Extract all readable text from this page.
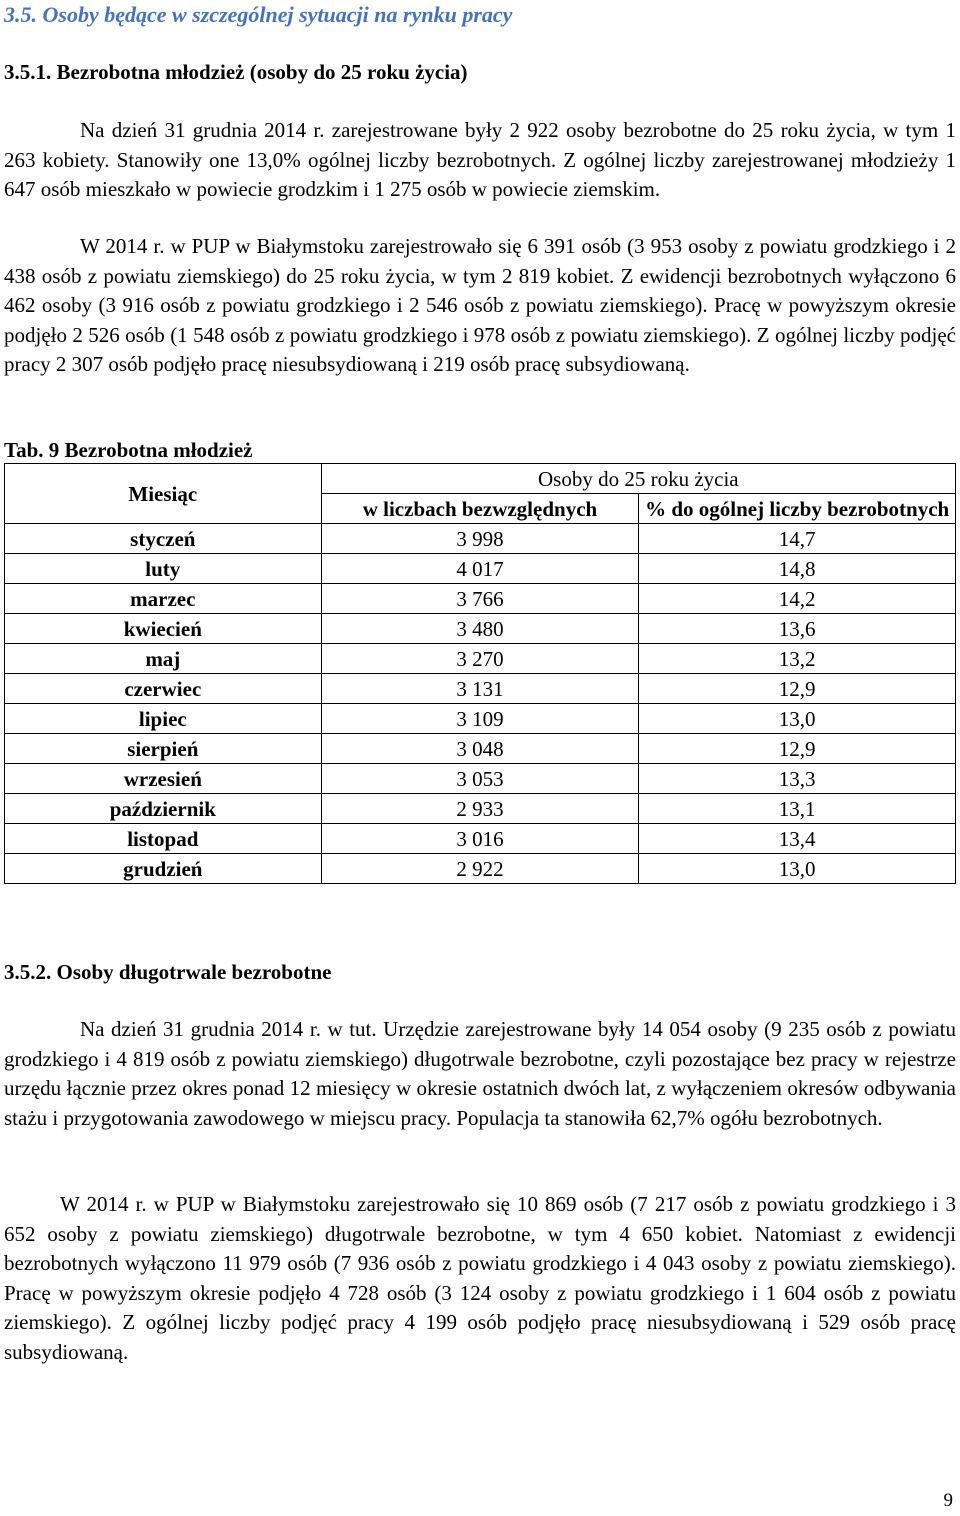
3.5. Osoby będące w szczególnej sytuacji na rynku pracy
3.5.1. Bezrobotna młodzież (osoby do 25 roku życia)

Na dzień 31 grudnia 2014 r. zarejestrowane były 2 922 osoby bezrobotne do 25 roku życia, w tym 1 263 kobiety. Stanowiły one 13,0% ogólnej liczby bezrobotnych. Z ogólnej liczby zarejestrowanej młodzieży 1 647 osób mieszkało w powiecie grodzkim i 1 275 osób w powiecie ziemskim.

W 2014 r. w PUP w Białymstoku zarejestrowało się 6 391 osób (3 953 osoby z powiatu grodzkiego i 2 438 osób z powiatu ziemskiego) do 25 roku życia, w tym 2 819 kobiet. Z ewidencji bezrobotnych wyłączono 6 462 osoby (3 916 osób z powiatu grodzkiego i 2 546 osób z powiatu ziemskiego). Pracę w powyższym okresie podjęło 2 526 osób (1 548 osób z powiatu grodzkiego i 978 osób z powiatu ziemskiego). Z ogólnej liczby podjęć pracy 2 307 osób podjęło pracę niesubsydiowaną i 219 osób pracę subsydiowaną.

Tab. 9 Bezrobotna młodzież
Miesiąc	Osoby do 25 roku życia	
	w liczbach bezwzględnych	% do ogólnej liczby bezrobotnych
styczeń	3 998	14,7
luty	4 017	14,8
marzec	3 766	14,2
kwiecień	3 480	13,6
maj	3 270	13,2
czerwiec	3 131	12,9
lipiec	3 109	13,0
sierpień	3 048	12,9
wrzesień	3 053	13,3
październik	2 933	13,1
listopad	3 016	13,4
grudzień	2 922	13,0
3.5.2. Osoby długotrwale bezrobotne

Na dzień 31 grudnia 2014 r. w tut. Urzędzie zarejestrowane były 14 054 osoby (9 235 osób z powiatu grodzkiego i 4 819 osób z powiatu ziemskiego) długotrwale bezrobotne, czyli pozostające bez pracy w rejestrze urzędu łącznie przez okres ponad 12 miesięcy w okresie ostatnich dwóch lat, z wyłączeniem okresów odbywania stażu i przygotowania zawodowego w miejscu pracy. Populacja ta stanowiła 62,7% ogółu bezrobotnych.

W 2014 r. w PUP w Białymstoku zarejestrowało się 10 869 osób (7 217 osób z powiatu grodzkiego i 3 652 osoby z powiatu ziemskiego) długotrwale bezrobotne, w tym 4 650 kobiet. Natomiast z ewidencji bezrobotnych wyłączono 11 979 osób (7 936 osób z powiatu grodzkiego i 4 043 osoby z powiatu ziemskiego). Pracę w powyższym okresie podjęło 4 728 osób (3 124 osoby z powiatu grodzkiego i 1 604 osób z powiatu ziemskiego). Z ogólnej liczby podjęć pracy 4 199 osób podjęło pracę niesubsydiowaną i 529 osób pracę subsydiowaną.

9
